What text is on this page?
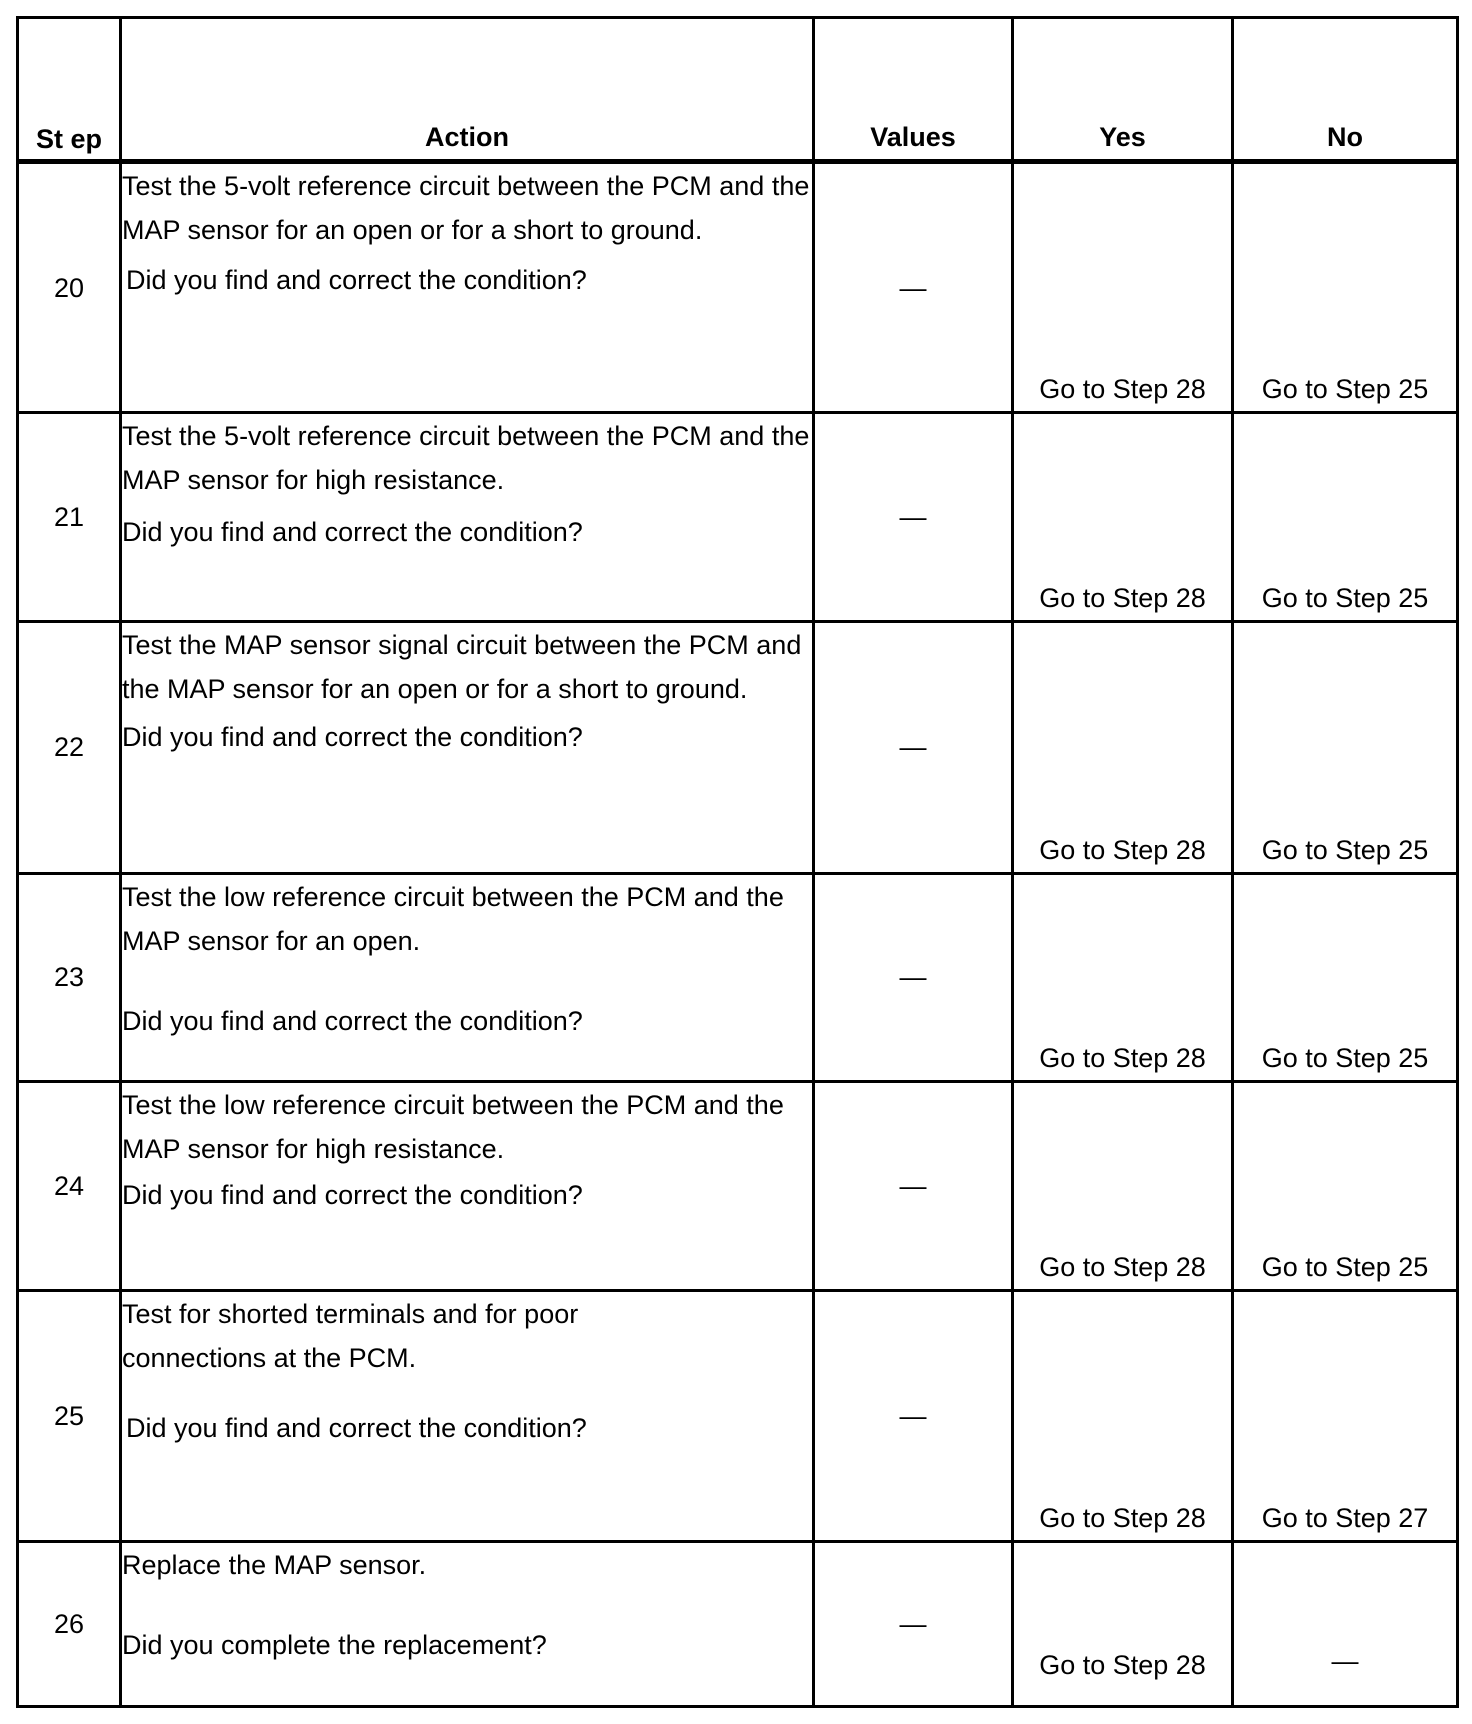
St ep	Action	Values	Yes	No
20	Test the 5-volt reference circuit between the PCM and the MAP sensor for an open or for a short to ground.
Did you find and correct the condition?	—	Go to Step 28	Go to Step 25
21	Test the 5-volt reference circuit between the PCM and the MAP sensor for high resistance.
Did you find and correct the condition?	—	Go to Step 28	Go to Step 25
22	Test the MAP sensor signal circuit between the PCM and the MAP sensor for an open or for a short to ground.
Did you find and correct the condition?	—	Go to Step 28	Go to Step 25
23	Test the low reference circuit between the PCM and the MAP sensor for an open.
Did you find and correct the condition?	—	Go to Step 28	Go to Step 25
24	Test the low reference circuit between the PCM and the MAP sensor for high resistance.
Did you find and correct the condition?	—	Go to Step 28	Go to Step 25
25	Test for shorted terminals and for poor connections at the PCM.
Did you find and correct the condition?	—	Go to Step 28	Go to Step 27
26	Replace the MAP sensor.
Did you complete the replacement?	—	Go to Step 28	—
